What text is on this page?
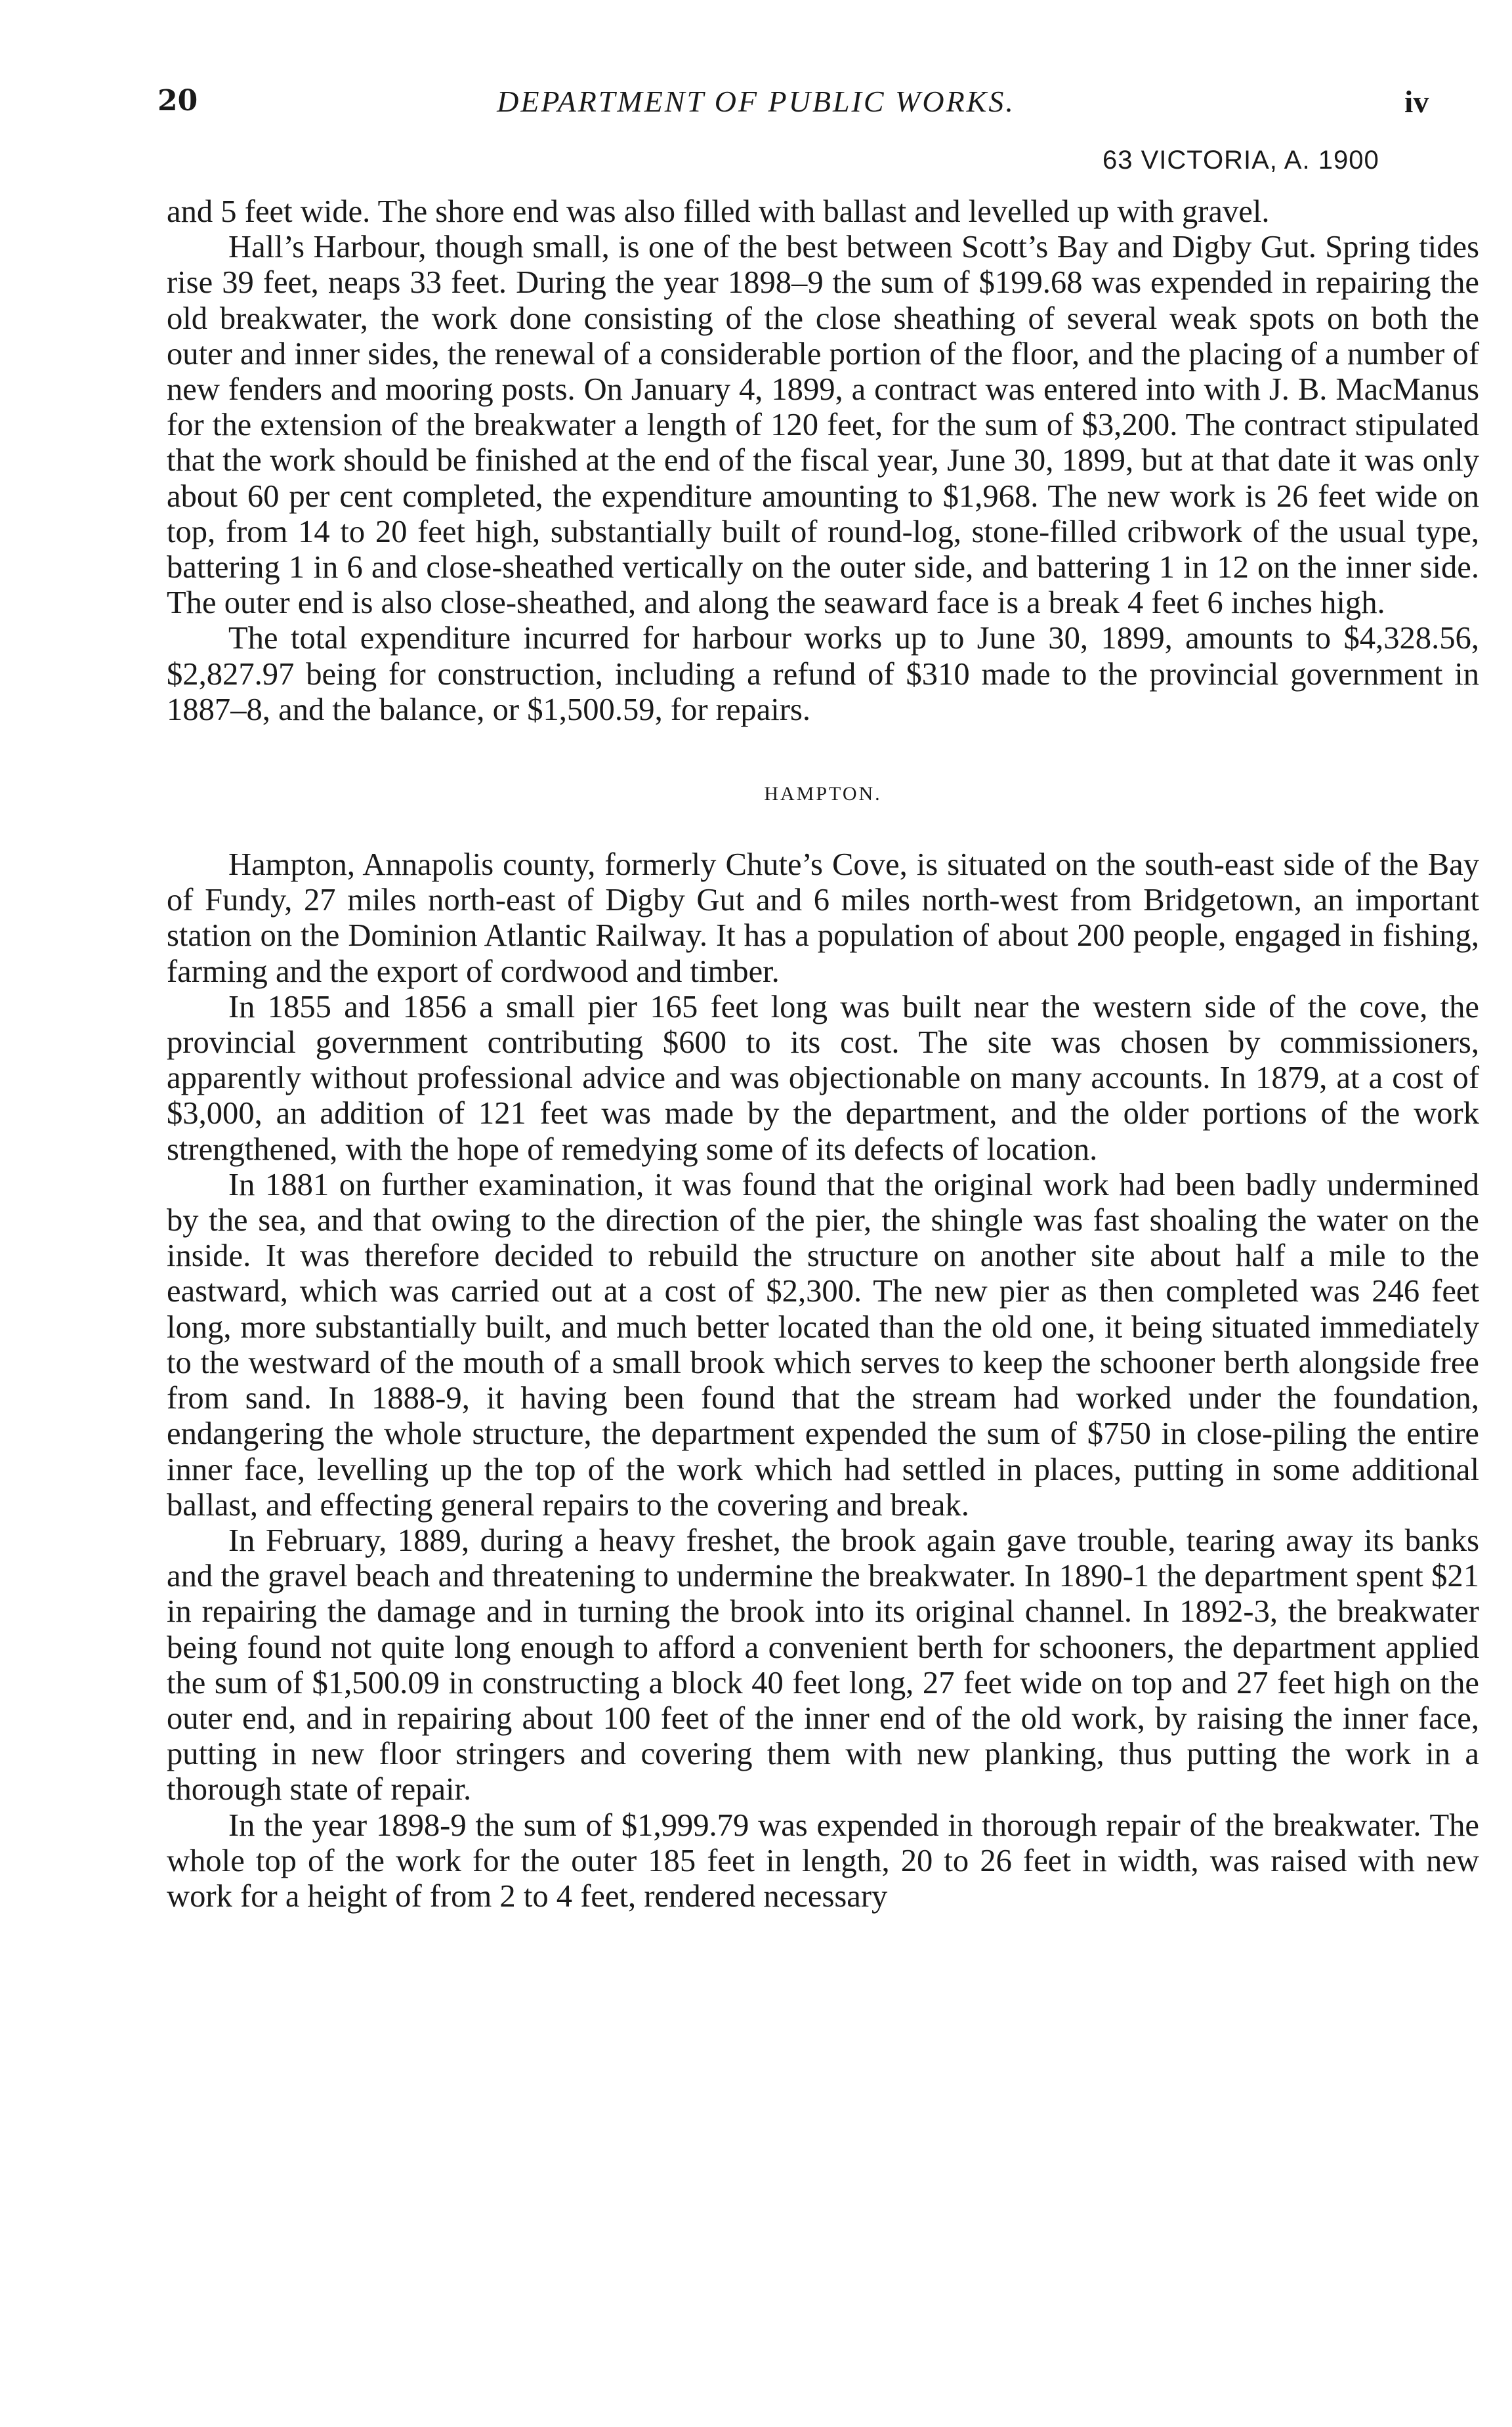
20	DEPARTMENT OF PUBLIC WORKS.	iv
63 VICTORIA, A. 1900

and 5 feet wide. The shore end was also filled with ballast and levelled up with gravel.

Hall’s Harbour, though small, is one of the best between Scott’s Bay and Digby Gut. Spring tides rise 39 feet, neaps 33 feet. During the year 1898–9 the sum of $199.68 was expended in repairing the old breakwater, the work done consisting of the close sheathing of several weak spots on both the outer and inner sides, the renewal of a considerable portion of the floor, and the placing of a number of new fenders and mooring posts. On January 4, 1899, a contract was entered into with J. B. MacManus for the extension of the breakwater a length of 120 feet, for the sum of $3,200. The contract stipulated that the work should be finished at the end of the fiscal year, June 30, 1899, but at that date it was only about 60 per cent completed, the expenditure amounting to $1,968. The new work is 26 feet wide on top, from 14 to 20 feet high, substantially built of round-log, stone-filled cribwork of the usual type, battering 1 in 6 and close-sheathed vertically on the outer side, and battering 1 in 12 on the inner side. The outer end is also close-sheathed, and along the seaward face is a break 4 feet 6 inches high.

The total expenditure incurred for harbour works up to June 30, 1899, amounts to $4,328.56, $2,827.97 being for construction, including a refund of $310 made to the provincial government in 1887–8, and the balance, or $1,500.59, for repairs.

HAMPTON.

Hampton, Annapolis county, formerly Chute’s Cove, is situated on the south-east side of the Bay of Fundy, 27 miles north-east of Digby Gut and 6 miles north-west from Bridgetown, an important station on the Dominion Atlantic Railway. It has a population of about 200 people, engaged in fishing, farming and the export of cordwood and timber.

In 1855 and 1856 a small pier 165 feet long was built near the western side of the cove, the provincial government contributing $600 to its cost. The site was chosen by commissioners, apparently without professional advice and was objectionable on many accounts. In 1879, at a cost of $3,000, an addition of 121 feet was made by the department, and the older portions of the work strengthened, with the hope of remedying some of its defects of location.

In 1881 on further examination, it was found that the original work had been badly undermined by the sea, and that owing to the direction of the pier, the shingle was fast shoaling the water on the inside. It was therefore decided to rebuild the structure on another site about half a mile to the eastward, which was carried out at a cost of $2,300. The new pier as then completed was 246 feet long, more substantially built, and much better located than the old one, it being situated immediately to the westward of the mouth of a small brook which serves to keep the schooner berth alongside free from sand. In 1888-9, it having been found that the stream had worked under the foundation, endangering the whole structure, the department expended the sum of $750 in close-piling the entire inner face, levelling up the top of the work which had settled in places, putting in some additional ballast, and effecting general repairs to the covering and break.

In February, 1889, during a heavy freshet, the brook again gave trouble, tearing away its banks and the gravel beach and threatening to undermine the breakwater. In 1890-1 the department spent $21 in repairing the damage and in turning the brook into its original channel. In 1892-3, the breakwater being found not quite long enough to afford a convenient berth for schooners, the department applied the sum of $1,500.09 in constructing a block 40 feet long, 27 feet wide on top and 27 feet high on the outer end, and in repairing about 100 feet of the inner end of the old work, by raising the inner face, putting in new floor stringers and covering them with new planking, thus putting the work in a thorough state of repair.

In the year 1898-9 the sum of $1,999.79 was expended in thorough repair of the breakwater. The whole top of the work for the outer 185 feet in length, 20 to 26 feet in width, was raised with new work for a height of from 2 to 4 feet, rendered necessary
